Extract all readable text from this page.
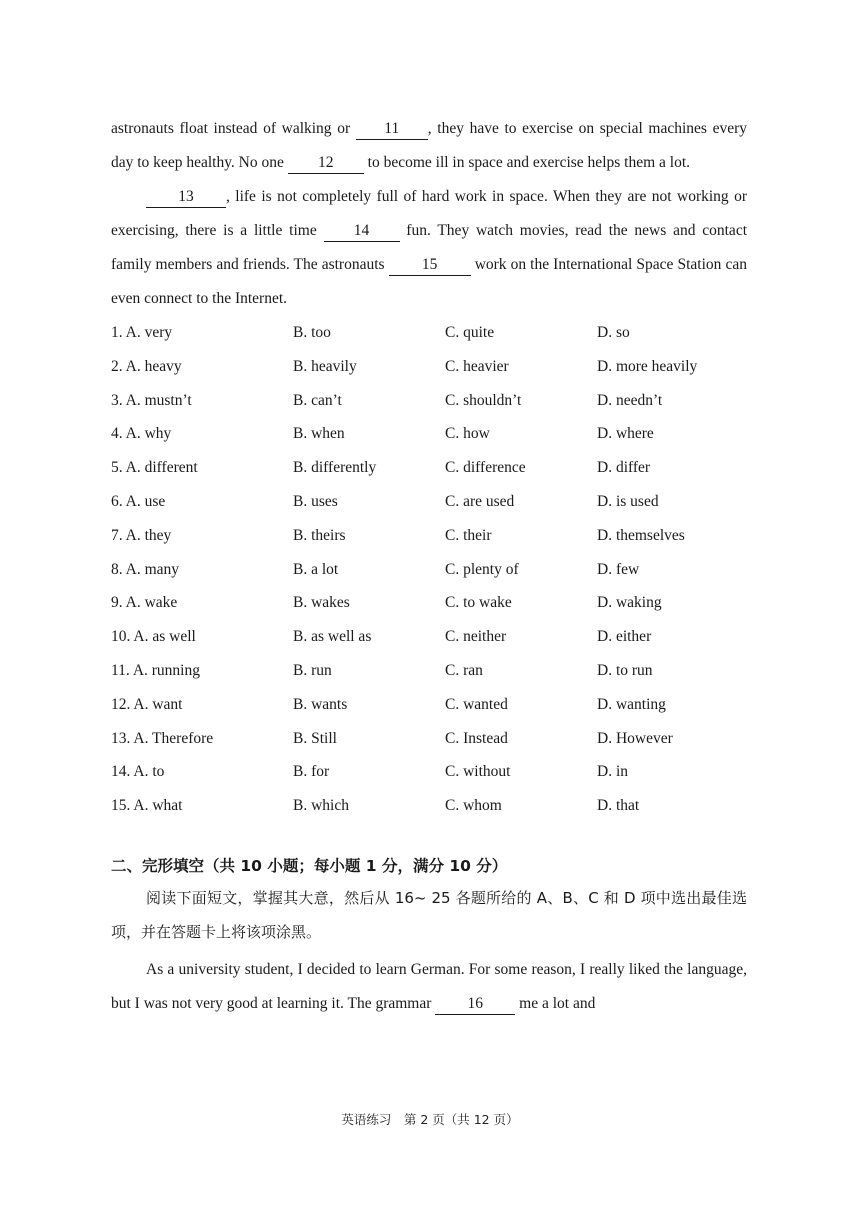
astronauts float instead of walking or 11 , they have to exercise on special machines every day to keep healthy. No one 12 to become ill in space and exercise helps them a lot.

13 , life is not completely full of hard work in space. When they are not working or exercising, there is a little time 14 fun. They watch movies, read the news and contact family members and friends. The astronauts 15 work on the International Space Station can even connect to the Internet.

1. A. very	B. too	C. quite	D. so
2. A. heavy	B. heavily	C. heavier	D. more heavily
3. A. mustn’t	B. can’t	C. shouldn’t	D. needn’t
4. A. why	B. when	C. how	D. where
5. A. different	B. differently	C. difference	D. differ
6. A. use	B. uses	C. are used	D. is used
7. A. they	B. theirs	C. their	D. themselves
8. A. many	B. a lot	C. plenty of	D. few
9. A. wake	B. wakes	C. to wake	D. waking
10. A. as well	B. as well as	C. neither	D. either
11. A. running	B. run	C. ran	D. to run
12. A. want	B. wants	C. wanted	D. wanting
13. A. Therefore	B. Still	C. Instead	D. However
14. A. to	B. for	C. without	D. in
15. A. what	B. which	C. whom	D. that
二、完形填空（共 10 小题；每小题 1 分，满分 10 分）

阅读下面短文，掌握其大意，然后从 16~ 25 各题所给的 A、B、C 和 D 项中选出最佳选项，并在答题卡上将该项涂黑。

As a university student, I decided to learn German. For some reason, I really liked the language, but I was not very good at learning it. The grammar 16 me a lot and

英语练习　第 2 页（共 12 页）
